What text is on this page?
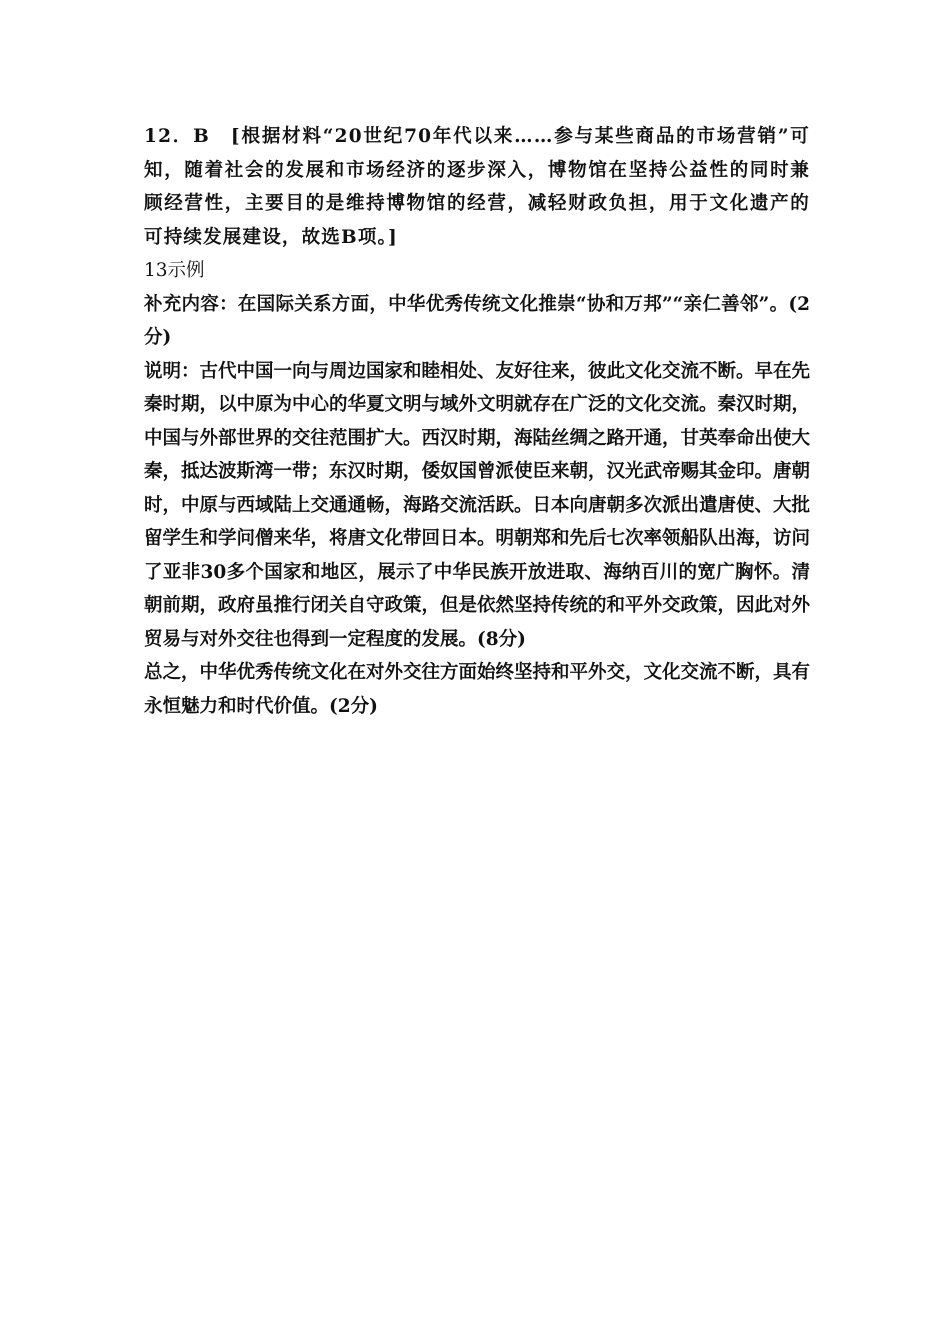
12．B　[根据材料“20世纪70年代以来……参与某些商品的市场营销”可知，随着社会的发展和市场经济的逐步深入，博物馆在坚持公益性的同时兼顾经营性，主要目的是维持博物馆的经营，减轻财政负担，用于文化遗产的可持续发展建设，故选B项。]

13示例

补充内容：在国际关系方面，中华优秀传统文化推崇“协和万邦”“亲仁善邻”。(2分)

说明：古代中国一向与周边国家和睦相处、友好往来，彼此文化交流不断。早在先秦时期，以中原为中心的华夏文明与域外文明就存在广泛的文化交流。秦汉时期，中国与外部世界的交往范围扩大。西汉时期，海陆丝绸之路开通，甘英奉命出使大秦，抵达波斯湾一带；东汉时期，倭奴国曾派使臣来朝，汉光武帝赐其金印。唐朝时，中原与西域陆上交通通畅，海路交流活跃。日本向唐朝多次派出遣唐使、大批留学生和学问僧来华，将唐文化带回日本。明朝郑和先后七次率领船队出海，访问了亚非30多个国家和地区，展示了中华民族开放进取、海纳百川的宽广胸怀。清朝前期，政府虽推行闭关自守政策，但是依然坚持传统的和平外交政策，因此对外贸易与对外交往也得到一定程度的发展。(8分)

总之，中华优秀传统文化在对外交往方面始终坚持和平外交，文化交流不断，具有永恒魅力和时代价值。(2分)
